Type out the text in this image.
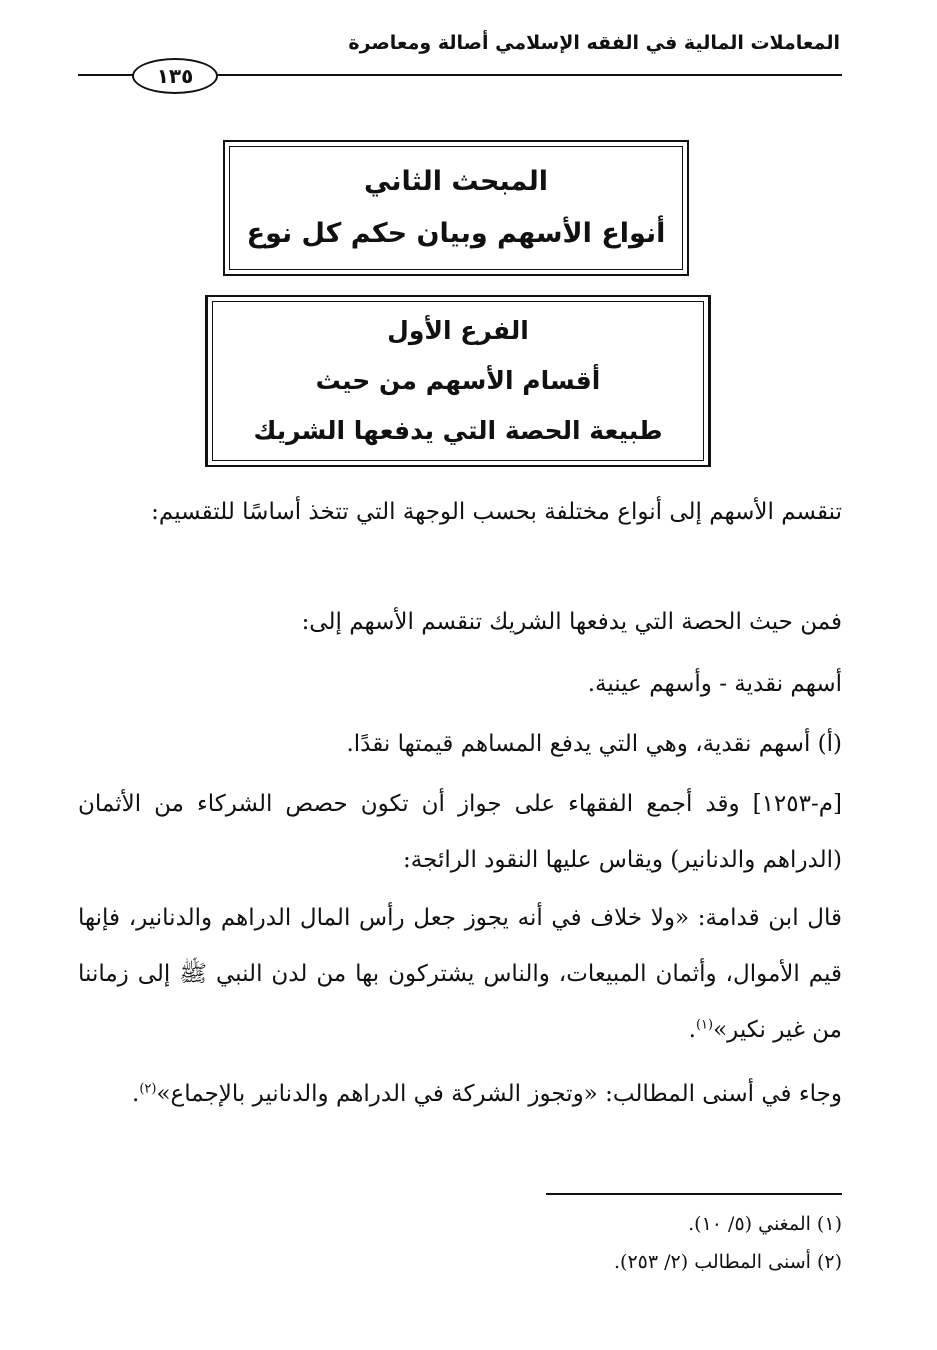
المعاملات المالية في الفقه الإسلامي أصالة ومعاصرة
١٣٥
المبحث الثاني
أنواع الأسهم وبيان حكم كل نوع
الفرع الأول
أقسام الأسهم من حيث
طبيعة الحصة التي يدفعها الشريك

تنقسم الأسهم إلى أنواع مختلفة بحسب الوجهة التي تتخذ أساسًا للتقسيم:

فمن حيث الحصة التي يدفعها الشريك تنقسم الأسهم إلى:

أسهم نقدية - وأسهم عينية.

(أ) أسهم نقدية، وهي التي يدفع المساهم قيمتها نقدًا.

[م-١٢٥٣] وقد أجمع الفقهاء على جواز أن تكون حصص الشركاء من الأثمان (الدراهم والدنانير) ويقاس عليها النقود الرائجة:

قال ابن قدامة: «ولا خلاف في أنه يجوز جعل رأس المال الدراهم والدنانير، فإنها قيم الأموال، وأثمان المبيعات، والناس يشتركون بها من لدن النبي ﷺ إلى زماننا من غير نكير»$^{(١)}$.

وجاء في أسنى المطالب: «وتجوز الشركة في الدراهم والدنانير بالإجماع»$^{(٢)}$.

(١) المغني (٥/ ١٠).
(٢) أسنى المطالب (٢/ ٢٥٣).
